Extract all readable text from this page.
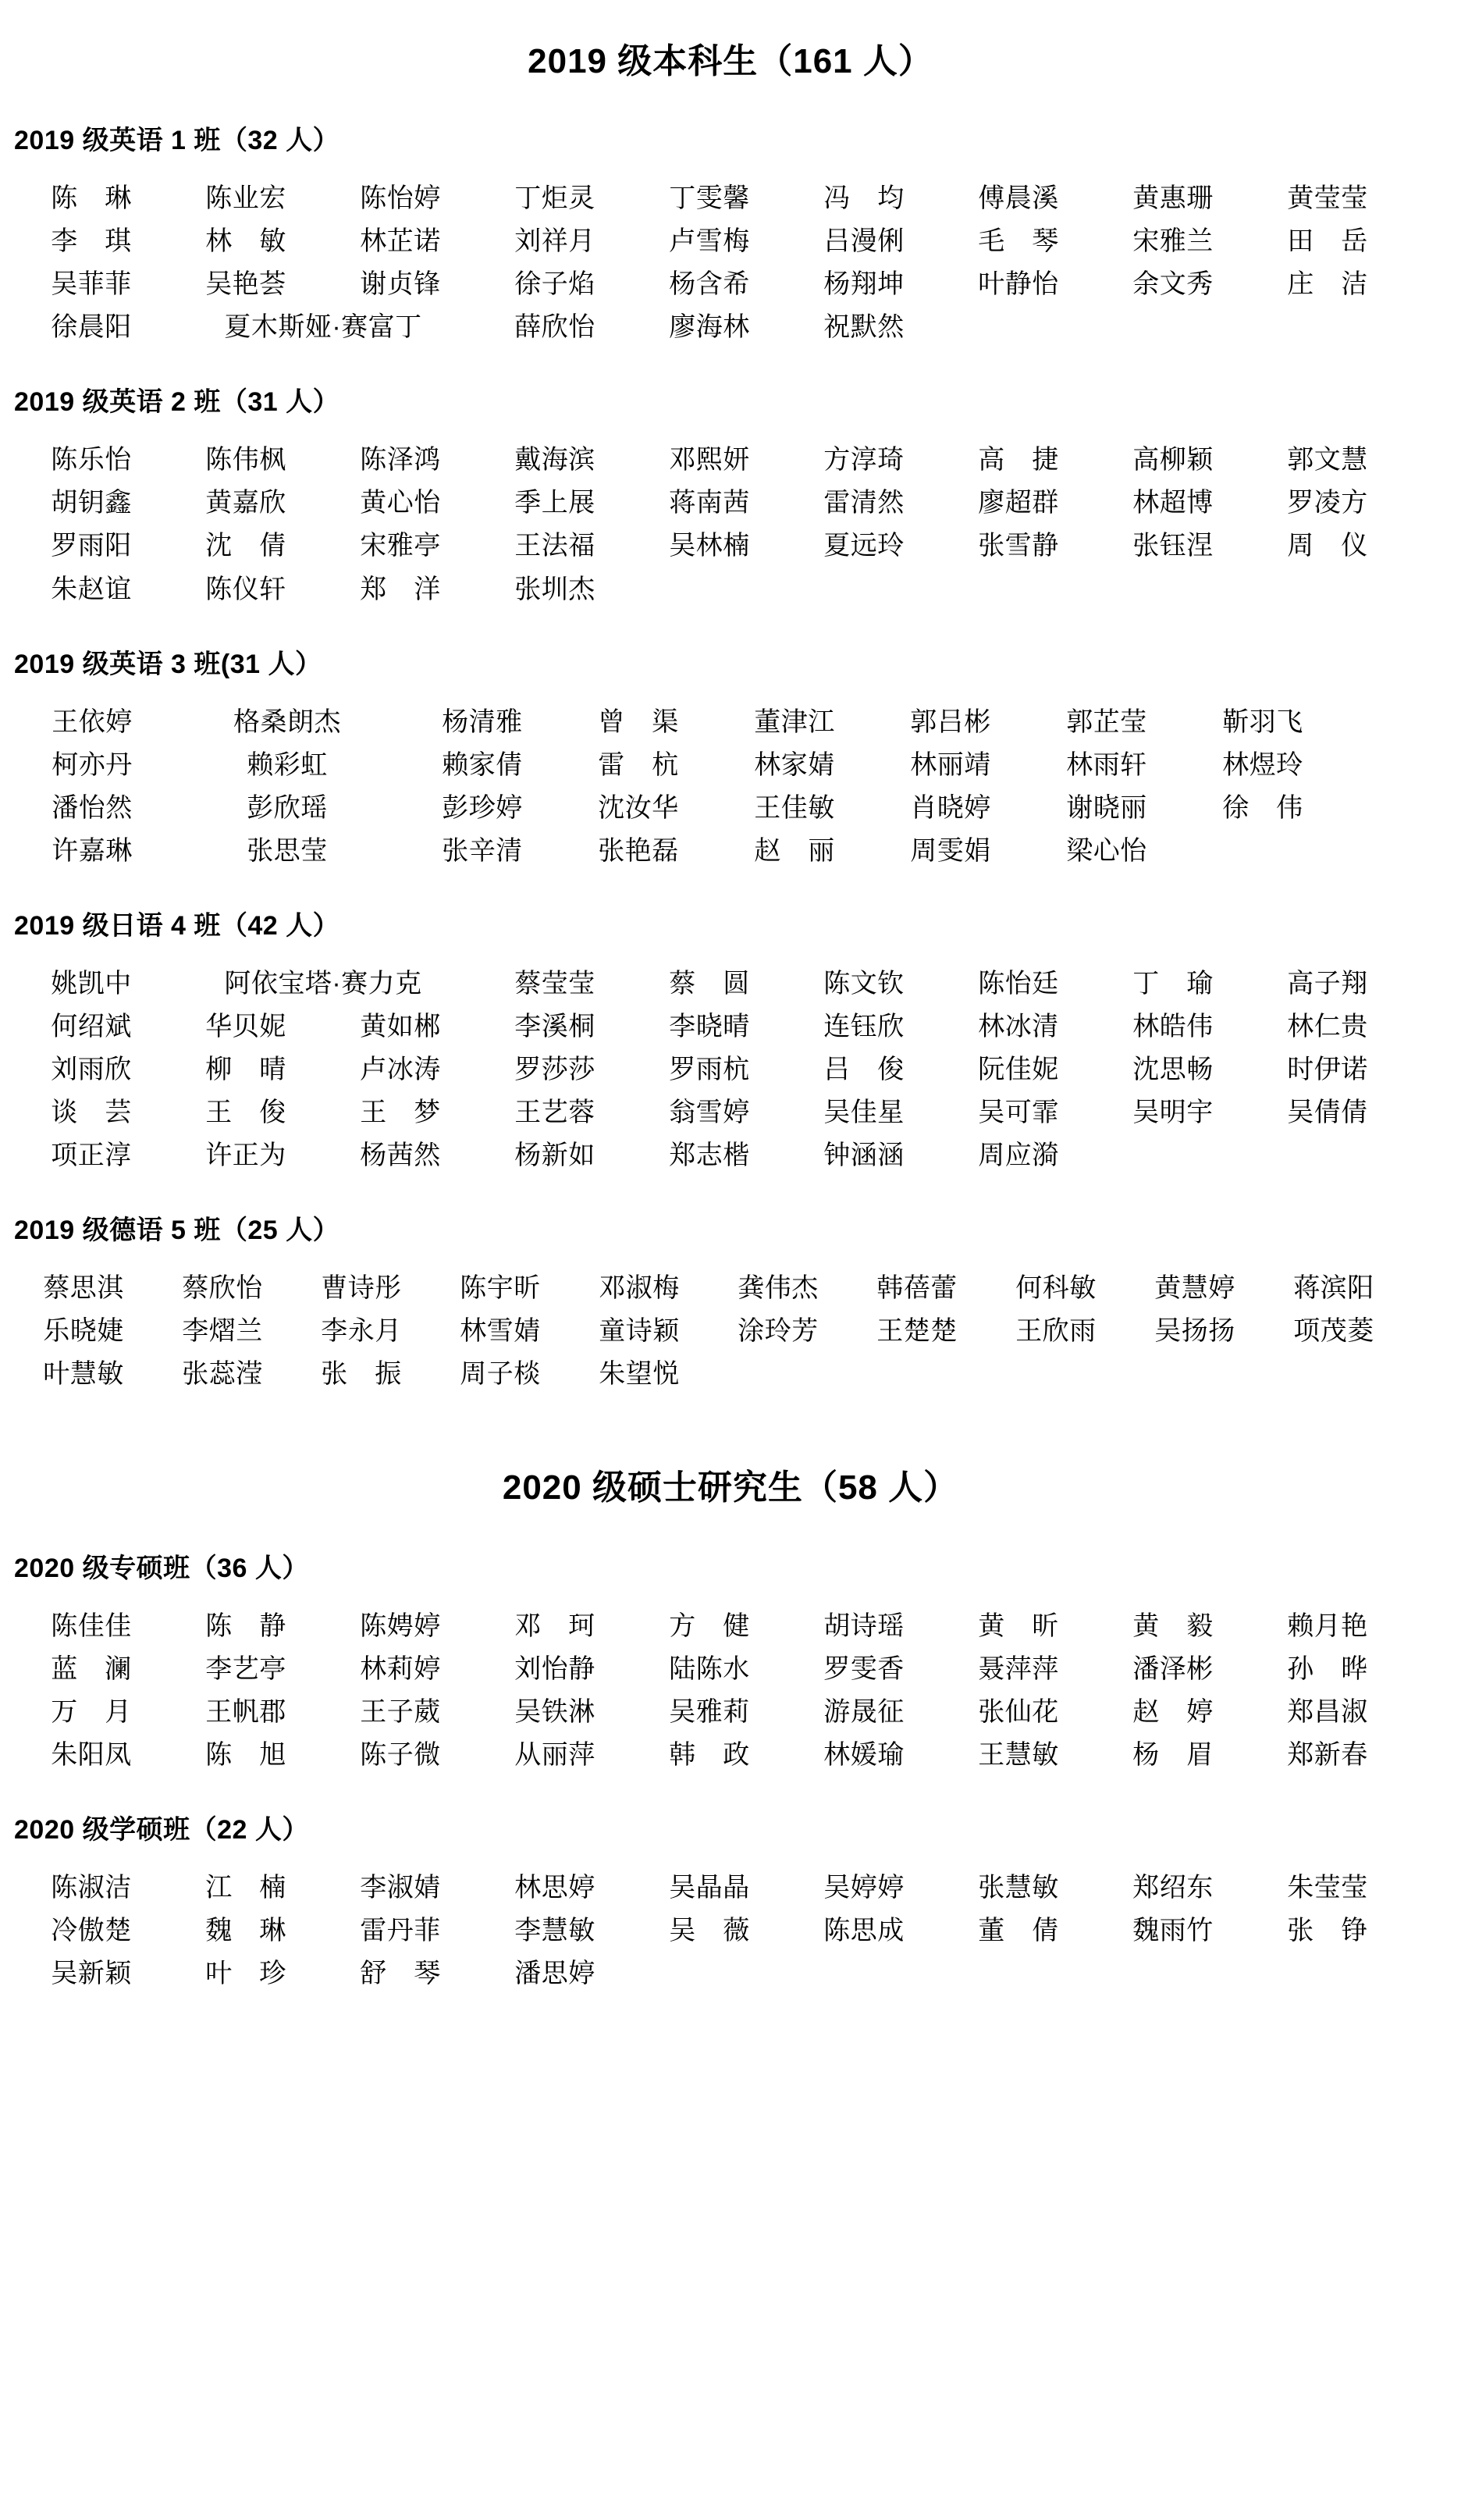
2019 级本科生（161 人）
2019 级英语 1 班（32 人）
陈　琳	陈业宏	陈怡婷	丁炬灵	丁雯馨	冯　均	傅晨溪	黄惠珊	黄莹莹
李　琪	林　敏	林芷诺	刘祥月	卢雪梅	吕漫俐	毛　琴	宋雅兰	田　岳
吴菲菲	吴艳荟	谢贞锋	徐子焰	杨含希	杨翔坤	叶静怡	余文秀	庄　洁
徐晨阳	夏木斯娅·赛富丁	薛欣怡	廖海林	祝默然
2019 级英语 2 班（31 人）
陈乐怡	陈伟枫	陈泽鸿	戴海滨	邓熙妍	方淳琦	高　捷	高柳颖	郭文慧
胡钥鑫	黄嘉欣	黄心怡	季上展	蒋南茜	雷清然	廖超群	林超博	罗凌方
罗雨阳	沈　倩	宋雅亭	王法福	吴林楠	夏远玲	张雪静	张钰涅	周　仪
朱赵谊	陈仪轩	郑　洋	张圳杰
2019 级英语 3 班(31 人）
王依婷	格桑朗杰	杨清雅	曾　渠	董津江	郭吕彬	郭芷莹	靳羽飞
柯亦丹	赖彩虹	赖家倩	雷　杭	林家婧	林丽靖	林雨轩	林煜玲
潘怡然	彭欣瑶	彭珍婷	沈汝华	王佳敏	肖晓婷	谢晓丽	徐　伟
许嘉琳	张思莹	张辛清	张艳磊	赵　丽	周雯娟	梁心怡
2019 级日语 4 班（42 人）
姚凯中	阿依宝塔·赛力克	蔡莹莹	蔡　圆	陈文钦	陈怡廷	丁　瑜	高子翔
何绍斌	华贝妮	黄如郴	李溪桐	李晓晴	连钰欣	林冰清	林皓伟	林仁贵
刘雨欣	柳　晴	卢冰涛	罗莎莎	罗雨杭	吕　俊	阮佳妮	沈思畅	时伊诺
谈　芸	王　俊	王　梦	王艺蓉	翁雪婷	吴佳星	吴可霏	吴明宇	吴倩倩
项正淳	许正为	杨茜然	杨新如	郑志楷	钟涵涵	周应漪
2019 级德语 5 班（25 人）
蔡思淇	蔡欣怡	曹诗彤	陈宇昕	邓淑梅	龚伟杰	韩蓓蕾	何科敏	黄慧婷	蒋滨阳
乐晓婕	李熠兰	李永月	林雪婧	童诗颖	涂玲芳	王楚楚	王欣雨	吴扬扬	项茂菱
叶慧敏	张蕊滢	张　振	周子棪	朱望悦
2020 级硕士研究生（58 人）
2020 级专硕班（36 人）
陈佳佳	陈　静	陈娉婷	邓　珂	方　健	胡诗瑶	黄　昕	黄　毅	赖月艳
蓝　澜	李艺亭	林莉婷	刘怡静	陆陈水	罗雯香	聂萍萍	潘泽彬	孙　晔
万　月	王帆郡	王子葳	吴铁淋	吴雅莉	游晟征	张仙花	赵　婷	郑昌淑
朱阳凤	陈　旭	陈子微	从丽萍	韩　政	林媛瑜	王慧敏	杨　眉	郑新春
2020 级学硕班（22 人）
陈淑洁	江　楠	李淑婧	林思婷	吴晶晶	吴婷婷	张慧敏	郑绍东	朱莹莹
冷傲楚	魏　琳	雷丹菲	李慧敏	吴　薇	陈思成	董　倩	魏雨竹	张　铮
吴新颖	叶　珍	舒　琴	潘思婷
